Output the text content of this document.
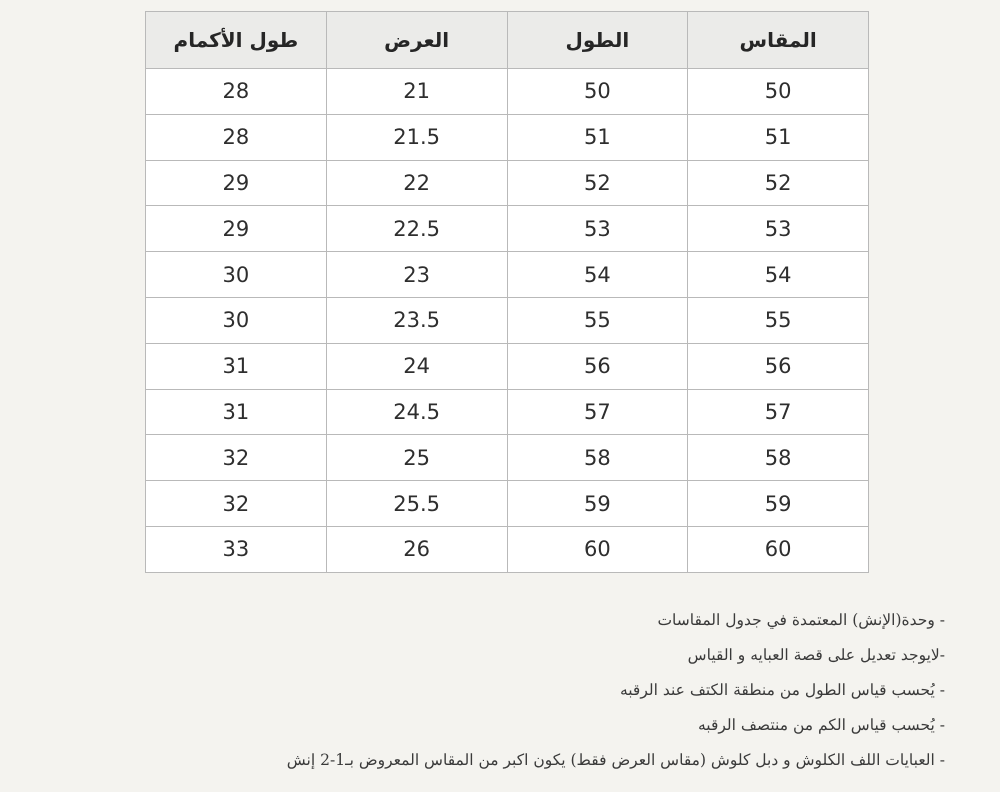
المقاس	الطول	العرض	طول الأكمام
50	50	21	28
51	51	21.5	28
52	52	22	29
53	53	22.5	29
54	54	23	30
55	55	23.5	30
56	56	24	31
57	57	24.5	31
58	58	25	32
59	59	25.5	32
60	60	26	33
- وحدة(الإنش) المعتمدة في جدول المقاسات
-لايوجد تعديل على قصة العبايه و القياس
- يُحسب قياس الطول من منطقة الكتف عند الرقبه
- يُحسب قياس الكم من منتصف الرقبه
- العبايات اللف الكلوش و دبل كلوش (مقاس العرض فقط) يكون اكبر من المقاس المعروض بـ1-2 إنش
